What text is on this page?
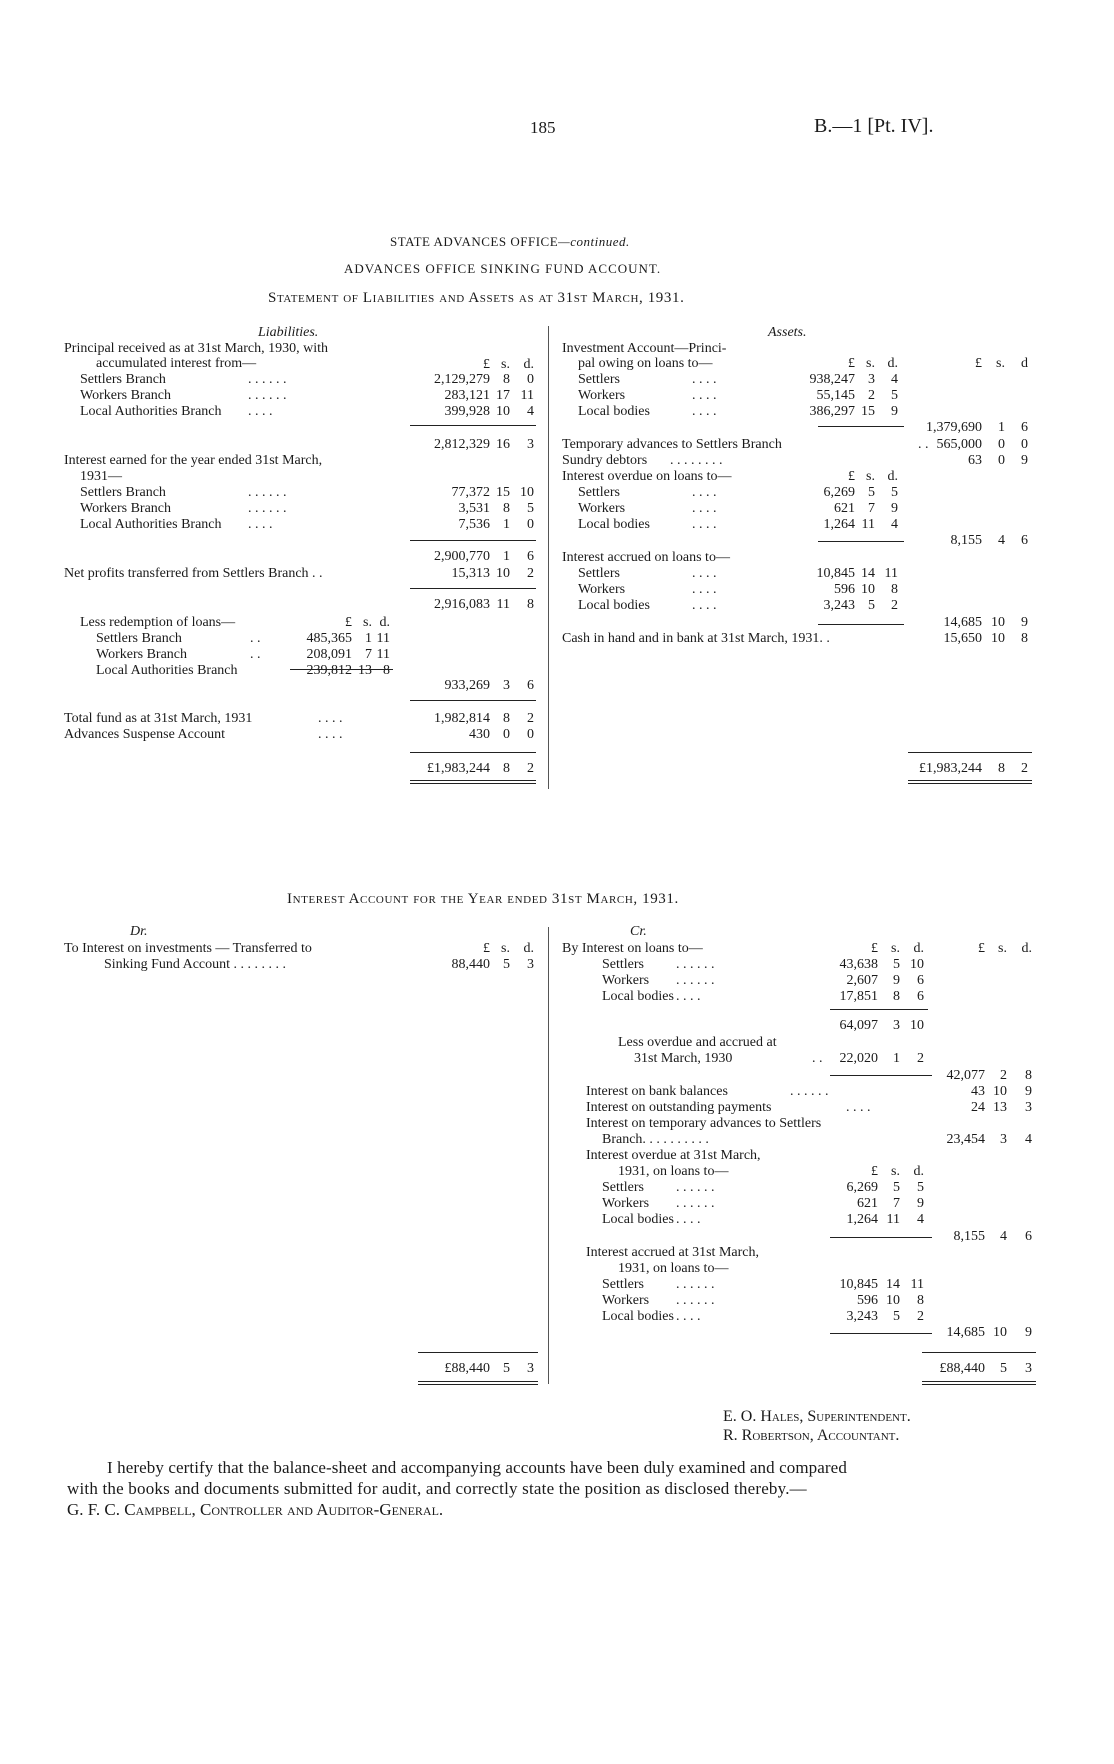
185	B.—1 [Pt. IV].
STATE ADVANCES OFFICE—continued.
ADVANCES OFFICE SINKING FUND ACCOUNT.
Statement of Liabilities and Assets as at 31st March, 1931.
Interest Account for the Year ended 31st March, 1931.
E. O. Hales, Superintendent.
R. Robertson, Accountant.
I hereby certify that the balance-sheet and accompanying accounts have been duly examined and compared
with the books and documents submitted for audit, and correctly state the position as disclosed thereby.—
G. F. C. Campbell, Controller and Auditor-General.
Liabilities.
Principal received as at 31st March, 1930, with
accumulated interest from—	£ s. d.
Settlers Branch	. . . . . .	2,129,279 8 0
Workers Branch	. . . . . .	283,121 17 11
Local Authorities Branch . . . .	399,928 10 4
2,812,329 16 3
Interest earned for the year ended 31st March,
1931—
Settlers Branch	. . . . . .	77,372 15 10
Workers Branch	. . . . . .	3,531 8 5
Local Authorities Branch . . . .	7,536 1 0
2,900,770 1 6
Net profits transferred from Settlers Branch . .	15,313 10 2
2,916,083 11 8
Less redemption of loans—	£ s. d.
Settlers Branch	. .	485,365 1 11
Workers Branch	. .	208,091 7 11
Local Authorities Branch	239,812 13 8
933,269 3 6
Total fund as at 31st March, 1931	. . . .	1,982,814 8 2
Advances Suspense Account	. . . .	430 0 0
£1,983,244 8 2
Assets.
Investment Account—Princi-
pal owing on loans to—	£ s. d.	£ s. d
Settlers	. . . .	938,247 3 4
Workers	. . . .	55,145 2 5
Local bodies	. . . .	386,297 15 9
1,379,690 1 6
Temporary advances to Settlers Branch	. . 565,000 0 0
Sundry debtors . . . . . . . .	63 0 9
Interest overdue on loans to—	£ s. d.
Settlers	. . . .	6,269 5 5
Workers	. . . .	621 7 9
Local bodies	. . . .	1,264 11 4
8,155 4 6
Interest accrued on loans to—
Settlers	. . . .	10,845 14 11
Workers	. . . .	596 10 8
Local bodies	. . . .	3,243 5 2
14,685 10 9
Cash in hand and in bank at 31st March, 1931. .	15,650 10 8
£1,983,244 8 2
Dr.
To Interest on investments — Transferred to	£ s. d.
Sinking Fund Account . . . . . . . .	88,440 5 3
£88,440 5 3
Cr.
By Interest on loans to—	£ s. d.	£ s. d.
Settlers . . . . . .	43,638 5 10
Workers . . . . . .	2,607 9 6
Local bodies . . . .	17,851 8 6
64,097 3 10
Less overdue and accrued at
31st March, 1930	. . 22,020 1 2
42,077 2 8
Interest on bank balances	. . . . . .	43 10 9
Interest on outstanding payments	. . . .	24 13 3
Interest on temporary advances to Settlers
Branch. . . . . . . . . .	23,454 3 4
Interest overdue at 31st March,
1931, on loans to—	£ s. d.
Settlers . . . . . .	6,269 5 5
Workers . . . . . .	621 7 9
Local bodies . . . .	1,264 11 4
8,155 4 6
Interest accrued at 31st March,
1931, on loans to—
Settlers . . . . . .	10,845 14 11
Workers . . . . . .	596 10 8
Local bodies . . . .	3,243 5 2
14,685 10 9
£88,440 5 3
